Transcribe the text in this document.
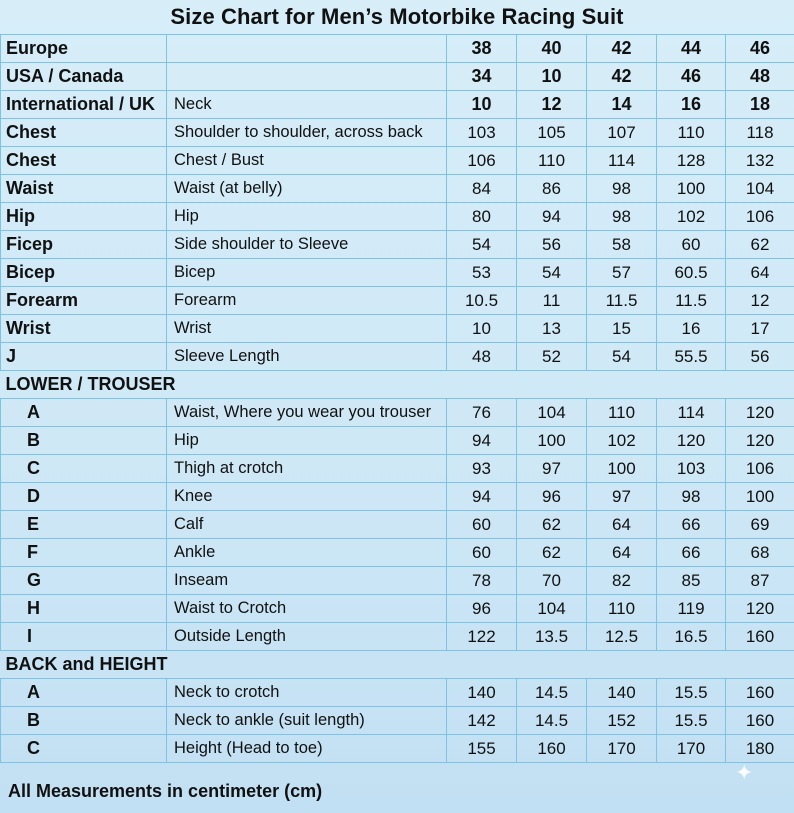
Size Chart for Men’s Motorbike Racing Suit
Europe		38	40	42	44	46
USA / Canada		34	10	42	46	48
International / UK	Neck	10	12	14	16	18
Chest	Shoulder to shoulder, across back	103	105	107	110	118
Chest	Chest / Bust	106	110	114	128	132
Waist	Waist (at belly)	84	86	98	100	104
Hip	Hip	80	94	98	102	106
Ficep	Side shoulder to Sleeve	54	56	58	60	62
Bicep	Bicep	53	54	57	60.5	64
Forearm	Forearm	10.5	11	11.5	11.5	12
Wrist	Wrist	10	13	15	16	17
J	Sleeve Length	48	52	54	55.5	56
LOWER / TROUSER						
A	Waist, Where you wear you trouser	76	104	110	114	120
B	Hip	94	100	102	120	120
C	Thigh at crotch	93	97	100	103	106
D	Knee	94	96	97	98	100
E	Calf	60	62	64	66	69
F	Ankle	60	62	64	66	68
G	Inseam	78	70	82	85	87
H	Waist to Crotch	96	104	110	119	120
I	Outside Length	122	13.5	12.5	16.5	160
BACK and HEIGHT						
A	Neck to crotch	140	14.5	140	15.5	160
B	Neck to ankle (suit length)	142	14.5	152	15.5	160
C	Height (Head to toe)	155	160	170	170	180
All Measurements in centimeter (cm)
✦
